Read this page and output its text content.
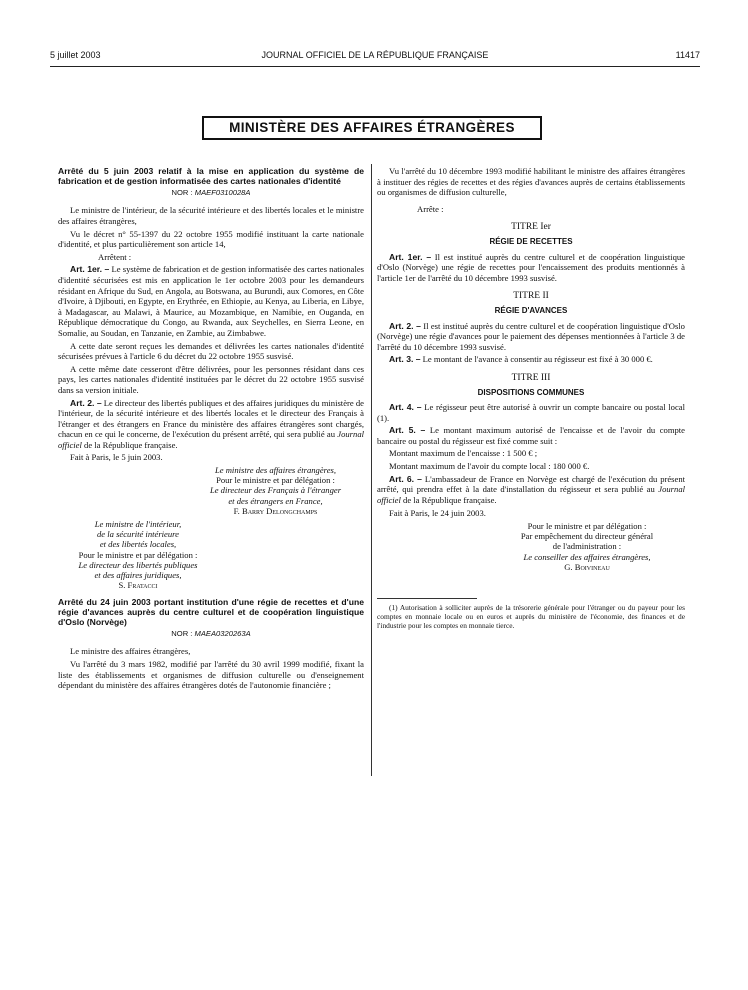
5 juillet 2003	JOURNAL OFFICIEL DE LA RÉPUBLIQUE FRANÇAISE	11417
MINISTÈRE DES AFFAIRES ÉTRANGÈRES
Arrêté du 5 juin 2003 relatif à la mise en application du système de fabrication et de gestion informatisée des cartes nationales d'identité
NOR : MAEF0310028A
Le ministre de l'intérieur, de la sécurité intérieure et des libertés locales et le ministre des affaires étrangères,
Vu le décret n° 55-1397 du 22 octobre 1955 modifié instituant la carte nationale d'identité, et plus particulièrement son article 14,
Arrêtent :
Art. 1er. – Le système de fabrication et de gestion informatisée des cartes nationales d'identité sécurisées est mis en application le 1er octobre 2003 pour les demandeurs résidant en Afrique du Sud, en Angola, au Botswana, au Burundi, aux Comores, en Côte d'Ivoire, à Djibouti, en Egypte, en Erythrée, en Ethiopie, au Kenya, au Liberia, en Libye, à Madagascar, au Malawi, à Maurice, au Mozambique, en Namibie, en Ouganda, en République démocratique du Congo, au Rwanda, aux Seychelles, en Sierra Leone, en Somalie, au Soudan, en Tanzanie, en Zambie, au Zimbabwe.
A cette date seront reçues les demandes et délivrées les cartes nationales d'identité sécurisées prévues à l'article 6 du décret du 22 octobre 1955 susvisé.
A cette même date cesseront d'être délivrées, pour les personnes résidant dans ces pays, les cartes nationales d'identité instituées par le décret du 22 octobre 1955 susvisé dans sa version initiale.
Art. 2. – Le directeur des libertés publiques et des affaires juridiques du ministère de l'intérieur, de la sécurité intérieure et des libertés locales et le directeur des Français à l'étranger et des étrangers en France du ministère des affaires étrangères sont chargés, chacun en ce qui le concerne, de l'exécution du présent arrêté, qui sera publié au Journal officiel de la République française.
Fait à Paris, le 5 juin 2003.
Le ministre des affaires étrangères,
Pour le ministre et par délégation :
Le directeur des Français à l'étranger
et des étrangers en France,
F. Barry Delongchamps
Le ministre de l'intérieur,
de la sécurité intérieure
et des libertés locales,
Pour le ministre et par délégation :
Le directeur des libertés publiques
et des affaires juridiques,
S. Fratacci
Arrêté du 24 juin 2003 portant institution d'une régie de recettes et d'une régie d'avances auprès du centre culturel et de coopération linguistique d'Oslo (Norvège)
NOR : MAEA0320263A
Le ministre des affaires étrangères,
Vu l'arrêté du 3 mars 1982, modifié par l'arrêté du 30 avril 1999 modifié, fixant la liste des établissements et organismes de diffusion culturelle ou d'enseignement dépendant du ministère des affaires étrangères dotés de l'autonomie financière ;
Vu l'arrêté du 10 décembre 1993 modifié habilitant le ministre des affaires étrangères à instituer des régies de recettes et des régies d'avances auprès de certains établissements ou organismes de diffusion culturelle,
Arrête :
TITRE Ier
RÉGIE DE RECETTES
Art. 1er. – Il est institué auprès du centre culturel et de coopération linguistique d'Oslo (Norvège) une régie de recettes pour l'encaissement des produits mentionnés à l'article 1er de l'arrêté du 10 décembre 1993 susvisé.
TITRE II
RÉGIE D'AVANCES
Art. 2. – Il est institué auprès du centre culturel et de coopération linguistique d'Oslo (Norvège) une régie d'avances pour le paiement des dépenses mentionnées à l'article 3 de l'arrêté du 10 décembre 1993 susvisé.
Art. 3. – Le montant de l'avance à consentir au régisseur est fixé à 30 000 €.
TITRE III
DISPOSITIONS COMMUNES
Art. 4. – Le régisseur peut être autorisé à ouvrir un compte bancaire ou postal local (1).
Art. 5. – Le montant maximum autorisé de l'encaisse et de l'avoir du compte bancaire ou postal du régisseur est fixé comme suit :
Montant maximum de l'encaisse : 1 500 € ;
Montant maximum de l'avoir du compte local : 180 000 €.
Art. 6. – L'ambassadeur de France en Norvège est chargé de l'exécution du présent arrêté, qui prendra effet à la date d'installation du régisseur et sera publié au Journal officiel de la République française.
Fait à Paris, le 24 juin 2003.
Pour le ministre et par délégation :
Par empêchement du directeur général
de l'administration :
Le conseiller des affaires étrangères,
G. Boivineau
(1) Autorisation à solliciter auprès de la trésorerie générale pour l'étranger ou du payeur pour les comptes en monnaie locale ou en euros et auprès du ministère de l'économie, des finances et de l'industrie pour les comptes en monnaie tierce.
